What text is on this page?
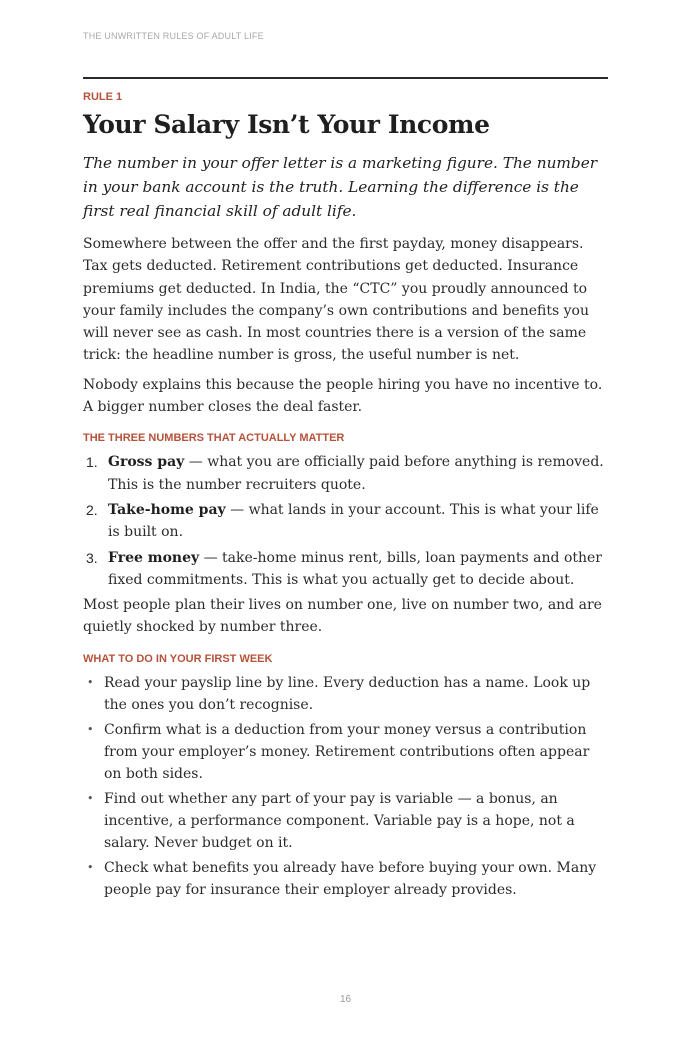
THE UNWRITTEN RULES OF ADULT LIFE
RULE 1
Your Salary Isn’t Your Income

The number in your offer letter is a marketing figure. The number in your bank account is the truth. Learning the difference is the first real financial skill of adult life.

Somewhere between the offer and the first payday, money disappears. Tax gets deducted. Retirement contributions get deducted. Insurance premiums get deducted. In India, the “CTC” you proudly announced to your family includes the company’s own contributions and benefits you will never see as cash. In most countries there is a version of the same trick: the headline number is gross, the useful number is net.

Nobody explains this because the people hiring you have no incentive to. A bigger number closes the deal faster.

THE THREE NUMBERS THAT ACTUALLY MATTER
1. Gross pay — what you are officially paid before anything is removed. This is the number recruiters quote.
2. Take-home pay — what lands in your account. This is what your life is built on.
3. Free money — take-home minus rent, bills, loan payments and other fixed commitments. This is what you actually get to decide about.

Most people plan their lives on number one, live on number two, and are quietly shocked by number three.

WHAT TO DO IN YOUR FIRST WEEK
• Read your payslip line by line. Every deduction has a name. Look up the ones you don’t recognise.
• Confirm what is a deduction from your money versus a contribution from your employer’s money. Retirement contributions often appear on both sides.
• Find out whether any part of your pay is variable — a bonus, an incentive, a performance component. Variable pay is a hope, not a salary. Never budget on it.
• Check what benefits you already have before buying your own. Many people pay for insurance their employer already provides.
16
